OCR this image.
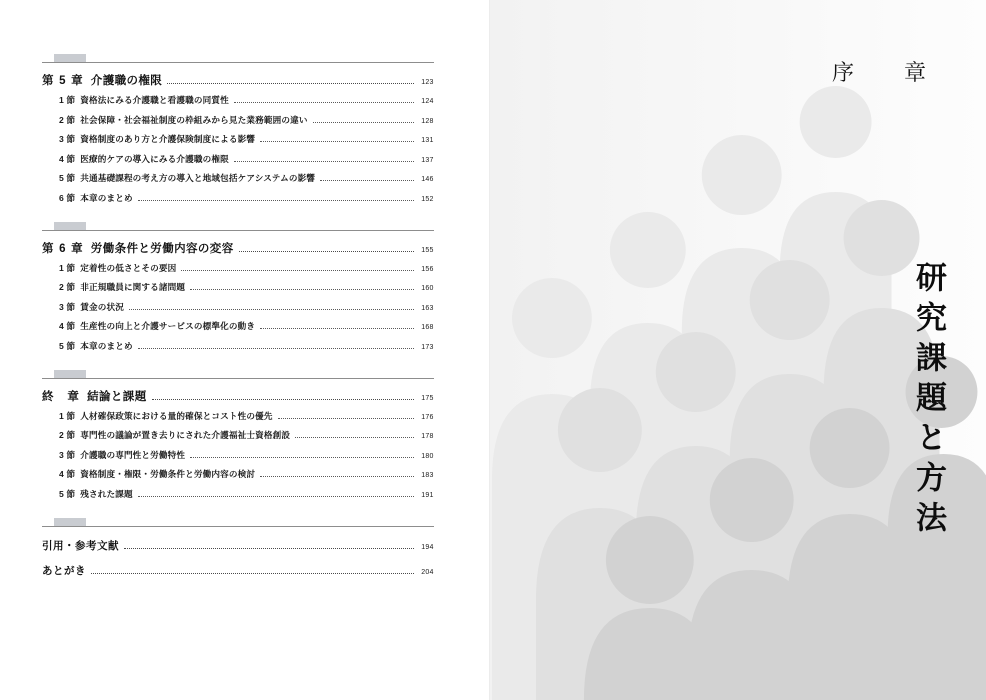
第 5 章 介護職の権限	123
1 節 資格法にみる介護職と看護職の同質性	124
2 節 社会保障・社会福祉制度の枠組みから見た業務範囲の違い	128
3 節 資格制度のあり方と介護保険制度による影響	131
4 節 医療的ケアの導入にみる介護職の権限	137
5 節 共通基礎課程の考え方の導入と地域包括ケアシステムの影響	146
6 節 本章のまとめ	152
第 6 章 労働条件と労働内容の変容	155
1 節 定着性の低さとその要因	156
2 節 非正規職員に関する諸問題	160
3 節 賃金の状況	163
4 節 生産性の向上と介護サービスの標準化の動き	168
5 節 本章のまとめ	173
終　章 結論と課題	175
1 節 人材確保政策における量的確保とコスト性の優先	176
2 節 専門性の議論が置き去りにされた介護福祉士資格創設	178
3 節 介護職の専門性と労働特性	180
4 節 資格制度・権限・労働条件と労働内容の検討	183
5 節 残された課題	191
引用・参考文献	194
あとがき	204
序　章
研究課題と方法
